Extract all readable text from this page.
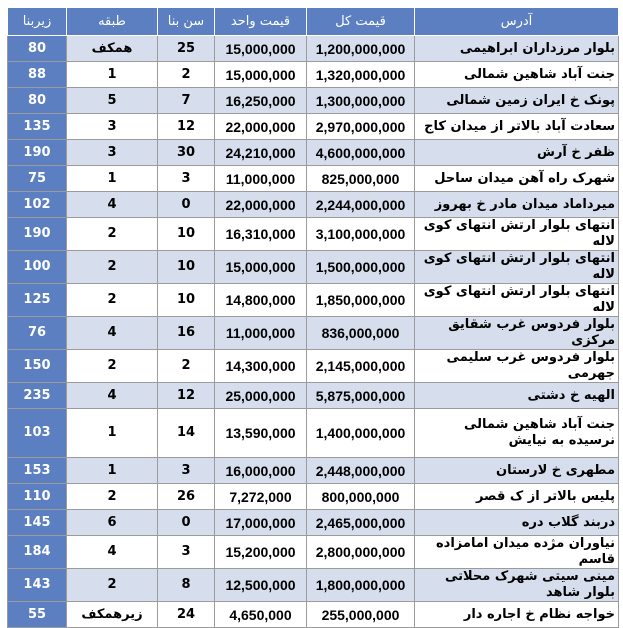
آدرس	قیمت کل	قیمت واحد	سن بنا	طبقه	زیربنا
بلوار مرزداران ابراهیمی	1,200,000,000	15,000,000	25	همکف	80
جنت آباد شاهین شمالی	1,320,000,000	15,000,000	2	1	88
پونک خ ایران زمین شمالی	1,300,000,000	16,250,000	7	5	80
سعادت آباد بالاتر از میدان کاج	2,970,000,000	22,000,000	12	3	135
ظفر خ آرش	4,600,000,000	24,210,000	30	3	190
شهرک راه آهن میدان ساحل	825,000,000	11,000,000	3	1	75
میرداماد میدان مادر خ بهروز	2,244,000,000	22,000,000	0	4	102
انتهای بلوار ارتش انتهای کوی لاله	3,100,000,000	16,310,000	10	2	190
انتهای بلوار ارتش انتهای کوی لاله	1,500,000,000	15,000,000	10	2	100
انتهای بلوار ارتش انتهای کوی لاله	1,850,000,000	14,800,000	10	2	125
بلوار فردوس غرب شقایق مرکزی	836,000,000	11,000,000	16	4	76
بلوار فردوس غرب سلیمی جهرمی	2,145,000,000	14,300,000	2	2	150
الهیه خ دشتی	5,875,000,000	25,000,000	12	4	235
جنت آباد شاهین شمالی نرسیده به نیایش	1,400,000,000	13,590,000	14	1	103
مطهری خ لارستان	2,448,000,000	16,000,000	3	1	153
پلیس بالاتر از ک قصر	800,000,000	7,272,000	26	2	110
دربند گلاب دره	2,465,000,000	17,000,000	0	6	145
نیاوران مژده میدان امامزاده قاسم	2,800,000,000	15,200,000	3	4	184
مینی سیتی شهرک محلاتی بلوار شاهد	1,800,000,000	12,500,000	8	2	143
خواجه نظام خ اجاره دار	255,000,000	4,650,000	24	زیرهمکف	55
